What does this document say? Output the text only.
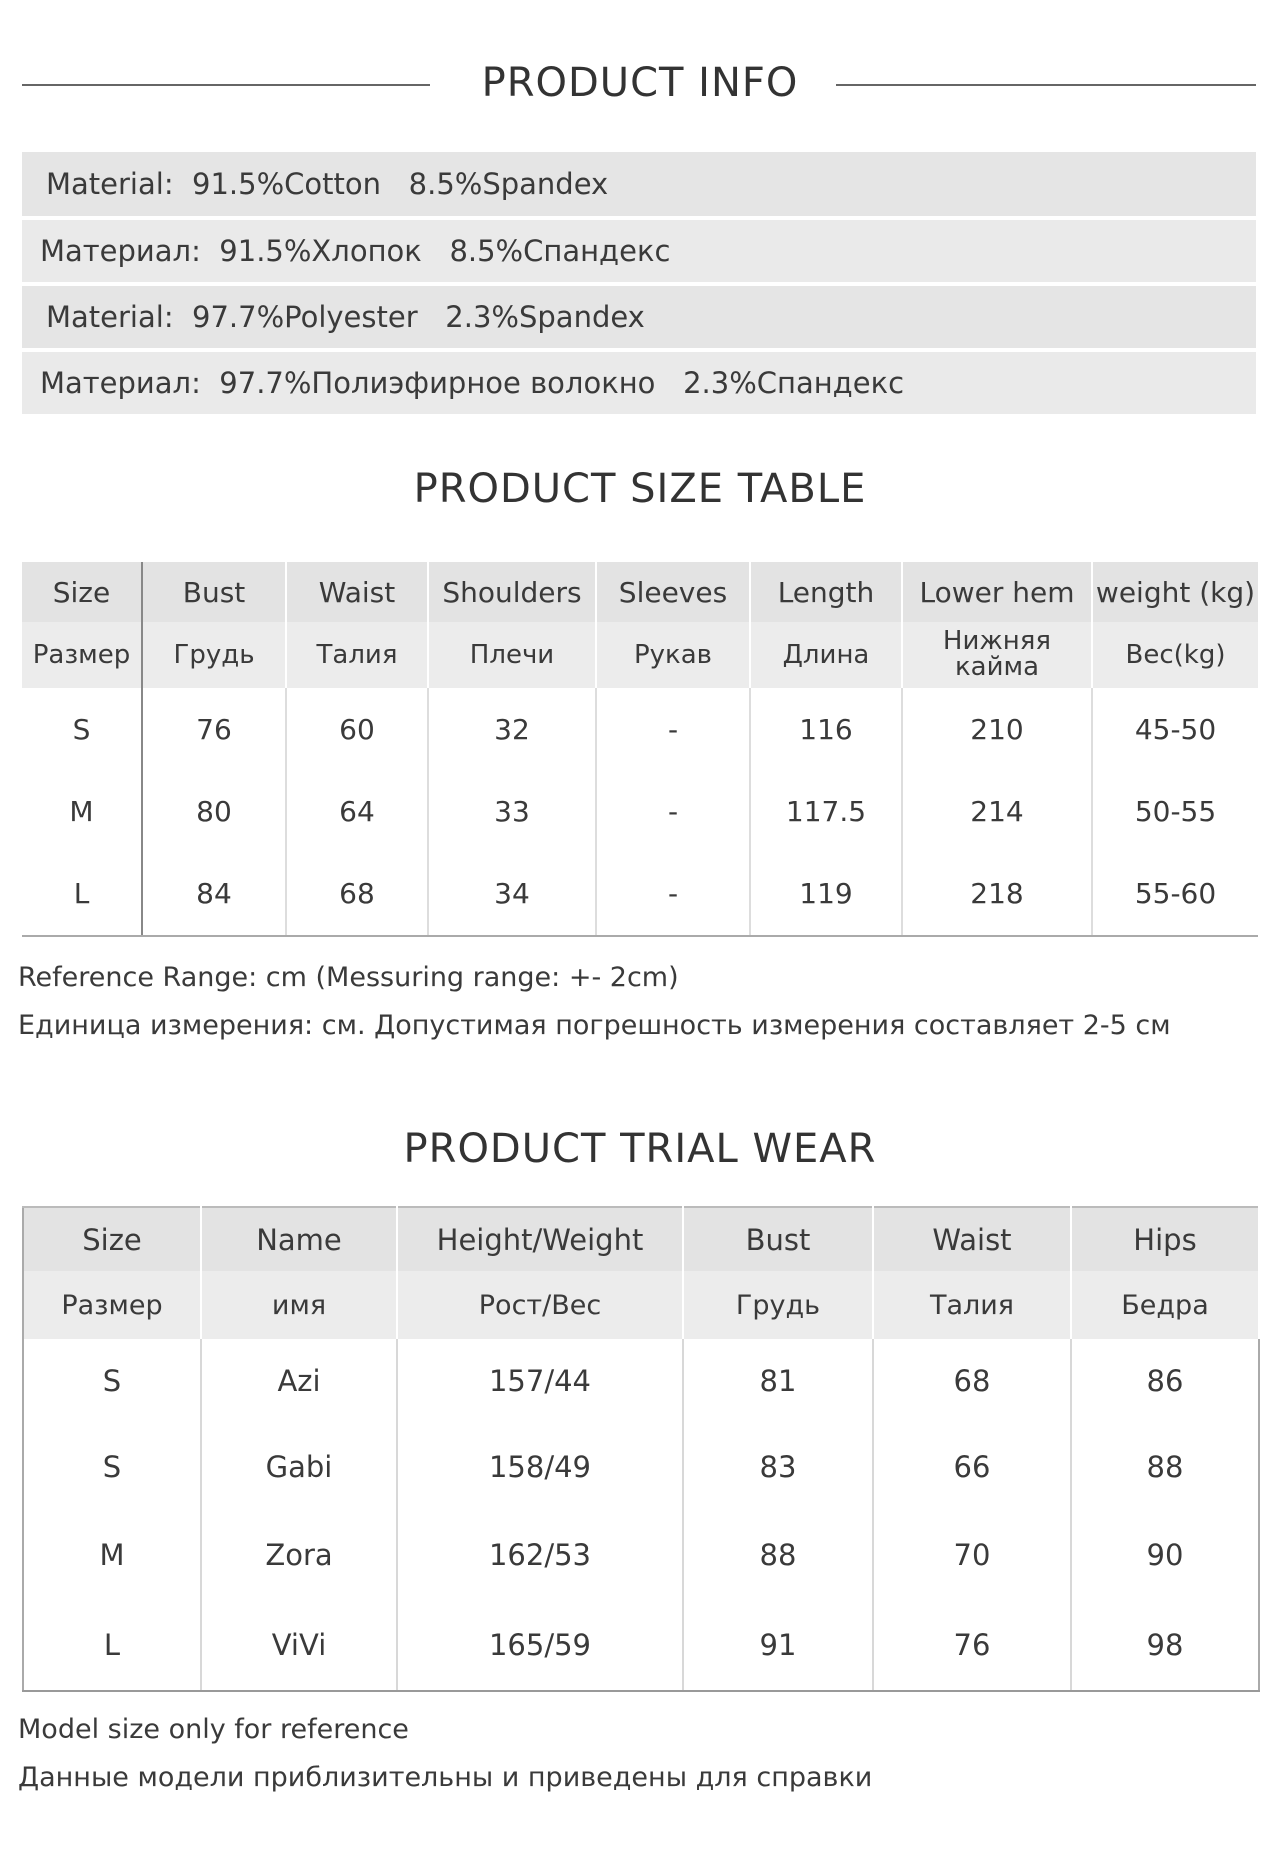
PRODUCT INFO
Material:  91.5%Cotton   8.5%Spandex
Материал:  91.5%Хлопок   8.5%Спандекс
Material:  97.7%Polyester   2.3%Spandex
Материал:  97.7%Полиэфирное волокно   2.3%Спандекс
PRODUCT SIZE TABLE
Size	Bust	Waist	Shoulders	Sleeves	Length	Lower hem	weight (kg)
Размер	Грудь	Талия	Плечи	Рукав	Длина	Нижняя кайма	Вес(kg)
S	76	60	32	-	116	210	45-50
M	80	64	33	-	117.5	214	50-55
L	84	68	34	-	119	218	55-60
Reference Range: cm (Messuring range: +- 2cm)
Единица измерения: см. Допустимая погрешность измерения составляет 2-5 см
PRODUCT TRIAL WEAR
Size	Name	Height/Weight	Bust	Waist	Hips
Размер	имя	Рост/Вес	Грудь	Талия	Бедра
S	Azi	157/44	81	68	86
S	Gabi	158/49	83	66	88
M	Zora	162/53	88	70	90
L	ViVi	165/59	91	76	98
Model size only for reference
Данные модели приблизительны и приведены для справки
